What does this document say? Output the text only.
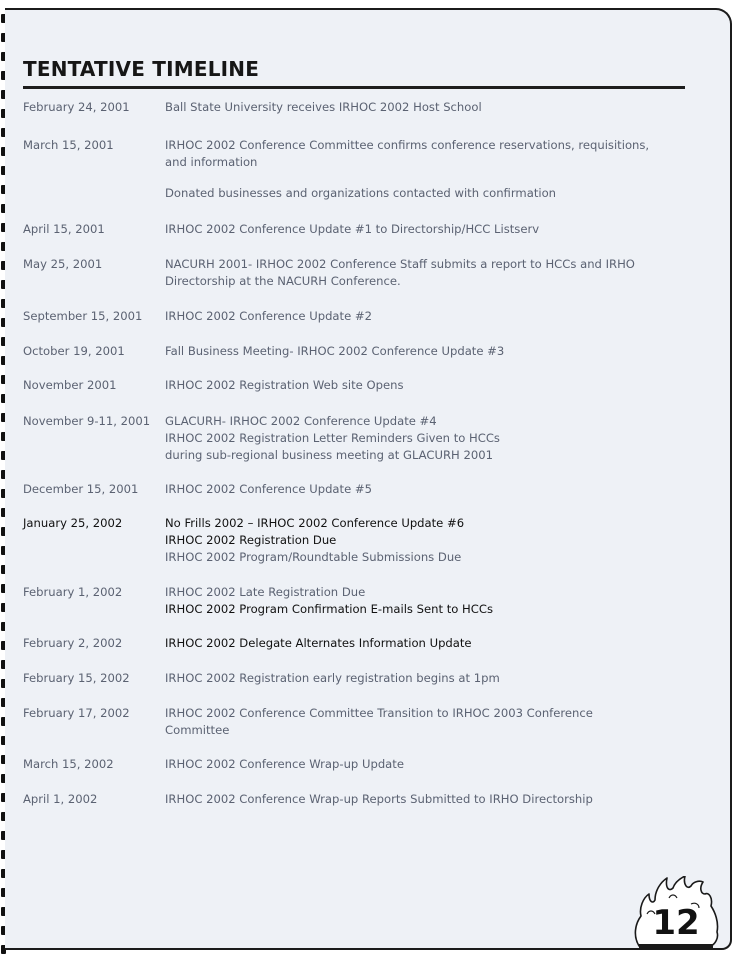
TENTATIVE TIMELINE
February 24, 2001	Ball State University receives IRHOC 2002 Host School
March 15, 2001	IRHOC 2002 Conference Committee confirms conference reservations, requisitions,
and information
Donated businesses and organizations contacted with confirmation
April 15, 2001	IRHOC 2002 Conference Update #1 to Directorship/HCC Listserv
May 25, 2001	NACURH 2001- IRHOC 2002 Conference Staff submits a report to HCCs and IRHO
Directorship at the NACURH Conference.
September 15, 2001	IRHOC 2002 Conference Update #2
October 19, 2001	Fall Business Meeting- IRHOC 2002 Conference Update #3
November 2001	IRHOC 2002 Registration Web site Opens
November 9-11, 2001	GLACURH- IRHOC 2002 Conference Update #4
IRHOC 2002 Registration Letter Reminders Given to HCCs
during sub-regional business meeting at GLACURH 2001
December 15, 2001	IRHOC 2002 Conference Update #5
January 25, 2002	No Frills 2002 – IRHOC 2002 Conference Update #6
IRHOC 2002 Registration Due
IRHOC 2002 Program/Roundtable Submissions Due
February 1, 2002	IRHOC 2002 Late Registration Due
IRHOC 2002 Program Confirmation E-mails Sent to HCCs
February 2, 2002	IRHOC 2002 Delegate Alternates Information Update
February 15, 2002	IRHOC 2002 Registration early registration begins at 1pm
February 17, 2002	IRHOC 2002 Conference Committee Transition to IRHOC 2003 Conference
Committee
March 15, 2002	IRHOC 2002 Conference Wrap-up Update
April 1, 2002	IRHOC 2002 Conference Wrap-up Reports Submitted to IRHO Directorship
12
